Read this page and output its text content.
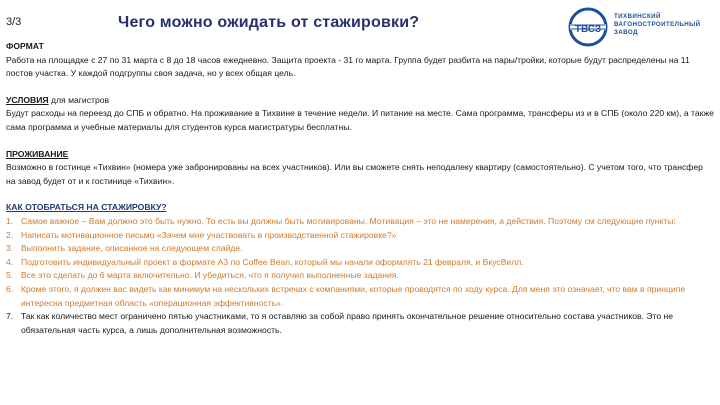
3/3	Чего можно ожидать от стажировки?	ТВСЗ
ТИХВИНСКИЙ
ВАГОНОСТРОИТЕЛЬНЫЙ
ЗАВОД
ФОРМАТ
Работа на площадке с 27 по 31 марта с 8 до 18 часов ежедневно. Защита проекта - 31 го марта. Группа будет разбита на пары/тройки, которые будут распределены на 11 постов участка. У каждой подгруппы своя задача, но у всех общая цель.
УСЛОВИЯ для магистров
Будут расходы на переезд до СПБ и обратно. На проживание в Тихвине в течение недели. И питание на месте. Сама программа, трансферы из и в СПБ (около 220 км), а также сама программа и учебные материалы для студентов курса магистратуры бесплатны.
ПРОЖИВАНИЕ
Возможно в гостинце «Тихвин» (номера уже забронированы на всех участников). Или вы сможете снять неподалеку квартиру (самостоятельно). С учетом того, что трансфер на завод будет от и к гостинице «Тихвин».
КАК ОТОБРАТЬСЯ НА СТАЖИРОВКУ?
1. Самое важное – Вам должно это быть нужно. То есть вы должны быть мотивированы. Мотивация – это не намерения, а действия. Поэтому см следующие пункты:
2. Написать мотивационное письмо «Зачем мне участвовать в производственной стажировке?»
3. Выполнить задание, описанное на следующем слайде.
4. Подготовить индивидуальный проект в формате А3 по Coffee Bean, который мы начали оформлять 21 февраля, и ВкусВилл.
5. Все это сделать до 6 марта включительно. И убедиться, что я получил выполненные задания.
6. Кроме этого, я должен вас видеть как минимум на нескольких встречах с компаниями, которые проводятся по ходу курса. Для меня это означает, что вам в принципе интересна предметная область «операционная эффективность».
7. Так как количество мест ограничено пятью участниками, то я оставляю за собой право принять окончательное решение относительно состава участников. Это не обязательная часть курса, а лишь дополнительная возможность.
